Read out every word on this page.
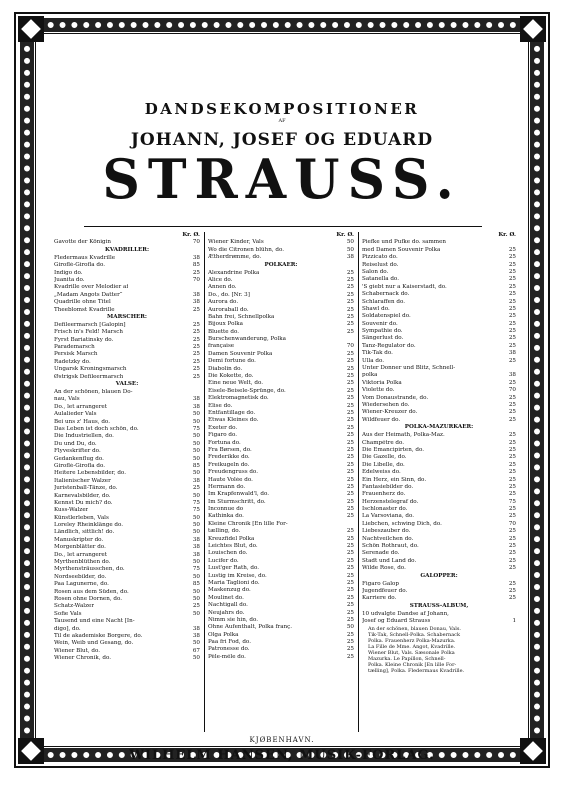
DANDSEKOMPOSITIONER
AF
JOHANN, JOSEF OG EDUARD
STRAUSS.
Kr. Ø.
Gavotte der Königin	70
KVADRILLER:
Fledermaus Kvadrille	38
Giroflé-Girofla do.	85
Indigo do.	25
Juanita do.	70
Kvadrille over Melodier af
„Madam Angots Datter“	38
Quadrille ohne Titel	38
Theeblomst Kvadrille	25
MARSCHER:
Defileermarsch [Galopin]	25
Frisch in's Feld! Marsch	25
Fyrst Bariatinsky do.	25
Parademarsch	25
Persisk Marsch	25
Radetzky do.	25
Ungarsk Kroningsmarsch	25
Østrigsk Defileermarsch	25
VALSE:
An der schönen, blauen Do-
nau, Vals	38
Do., let arrangeret	38
Aulalieder Vals	50
Bei uns z' Haus, do.	50
Das Leben ist doch schön, do.	75
Die Industriellen, do.	50
Du und Du, do.	50
Flyveskrifter do.	50
Gedankenflug do.	50
Giroflé-Girofla do.	85
Heitere Lebensbilder, do.	50
Italienischer Walzer	38
Juristenball-Tänze, do.	25
Karnevalsbilder, do.	50
Kennst Du mich? do.	75
Kuss-Walzer	75
Künstlerleben, Vals	50
Loreley Rheinklänge do.	50
Ländlich, sittlich! do.	50
Manuskripter do.	38
Morgenblätter do.	38
Do., let arrangeret	38
Myrthenblüthen do.	50
Myrthensträusschen, do.	75
Nordseebilder, do.	50
Paa Lagunerne, do.	85
Rosen aus dem Süden, do.	50
Rosen ohne Dornen, do.	50
Schatz-Walzer	25
Sofie Vals	50
Tausend und eine Nacht [In-
digo], do.	38
Til de akademiske Borgere, do.	38
Wein, Weib und Gesang, do.	50
Wiener Blut, do.	67
Wiener Chronik, do.	50
Kr. Ø.
Wiener Kinder, Vals	50
Wo die Citronen blühn, do.	50
Ætherdrømme, do.	38
POLKAER:
Alexandrine Polka	25
Alice do.	25
Annen do.	25
Do., do. [Nr. 3]	25
Aurora do.	25
Auroraball do.	25
Bahn frei, Schnellpolka	25
Bijoux Polka	25
Bluette do.	25
Burschenwanderung, Polka
française	70
Damen Souvenir Polka	25
Demi fortune do.	25
Diabolin do.	25
Die Kokette, do.	25
Eine neue Welt, do.	25
Eisele-Beisele-Sprünge, do.	25
Elektromagnetisk do.	25
Elise do.	25
Entfantillage do.	25
Etwas Kleines do.	25
Exeter do.	25
Figaro do.	25
Fortuna do.	25
Fra Børsen, do.	25
Frederikke do.	25
Freikugeln do.	25
Freudengruss do.	25
Haute Volée do.	25
Hermann do.	25
Im Krapfenwald'l, do.	25
Im Sturmschritt, do.	25
Inconnue do	25
Kathinka do.	25
Kleine Chronik [En lille For-
tælling, do.	25
Kreuzfidel Polka	25
Leichtes Blut, do.	25
Louischen do.	25
Lucifer do.	25
Lust'ger Rath, do.	25
Lustig im Kreise, do.	25
Maria Taglioni do.	25
Maskenzug do.	25
Moulinet do.	25
Nachtigall do.	25
Neujahrs do.	25
Nimm sie hin, do.	25
Ohne Aufenthalt, Polka franç.	50
Olga Polka	25
Paa fri Fod, do.	25
Patronesse do.	25
Pêle-mêle do.	25
Kr. Ø.
Piefke und Pufke do. sammen
med Damen Souvenir Polka	25
Pizzicato do.	25
Reiselust do.	25
Salon do.	25
Satanella do.	25
'S giebt nur a Kaiserstadt, do.	25
Schabernack do.	25
Schlaraffen do.	25
Shawl do.	25
Soldatenspiel do.	25
Souvenir do.	25
Sympathie do.	25
Sängerlust do.	25
Tanz-Regulator do.	25
Tik-Tak do.	38
Ulla do.	25
Unter Donner und Blitz, Schnell-
polka	38
Viktoria Polka	25
Violette do.	70
Vom Donaustrande, do.	25
Wiedersehen do.	25
Wiener-Kreuzer do.	25
Wildfeuer do.	25
POLKA-MAZURKAER:
Aus der Heimath, Polka-Maz.	25
Champêtre do.	25
Die Emancipirten, do.	25
Die Gazelle, do.	25
Die Libelle, do.	25
Edelweiss do.	25
Ein Herz, ein Sinn, do.	25
Fantasiebilder do.	25
Frauenherz do.	25
Herzenstelegraf do.	75
Ischlonaster do.	25
La Varsoviana, do.	25
Liebchen, schwing Dich, do.	70
Liebeszauber do.	25
Nachtveilchen do.	25
Schön Rothraut, do.	25
Serenade do.	25
Stadt und Land do.	25
Wilde Rose, do.	25
GALOPPER:
Figaro Galop	25
Jugendfeuer do.	25
Karriere do.	25
STRAUSS-ALBUM,
10 udvalgte Dandse af Johann,
Josef og Eduard Strauss	1
An der schönen, blauen Donau, Vals.
Tik-Tak, Schnell-Polka. Schabernack
Polka. Frauenherz Polka-Mazurka.
La Fille de Mme. Angot, Kvadrille.
Wiener Blut, Vals. Sæsonale Polka
Mazurka. Le Papillon, Schnell-
Polka. Kleine Chronik [En lille For-
tælling], Polka. Fledermaus Kvadrille.
KJØBENHAVN.
WILHELM HANSEN, MUSIK-FORLAG.
